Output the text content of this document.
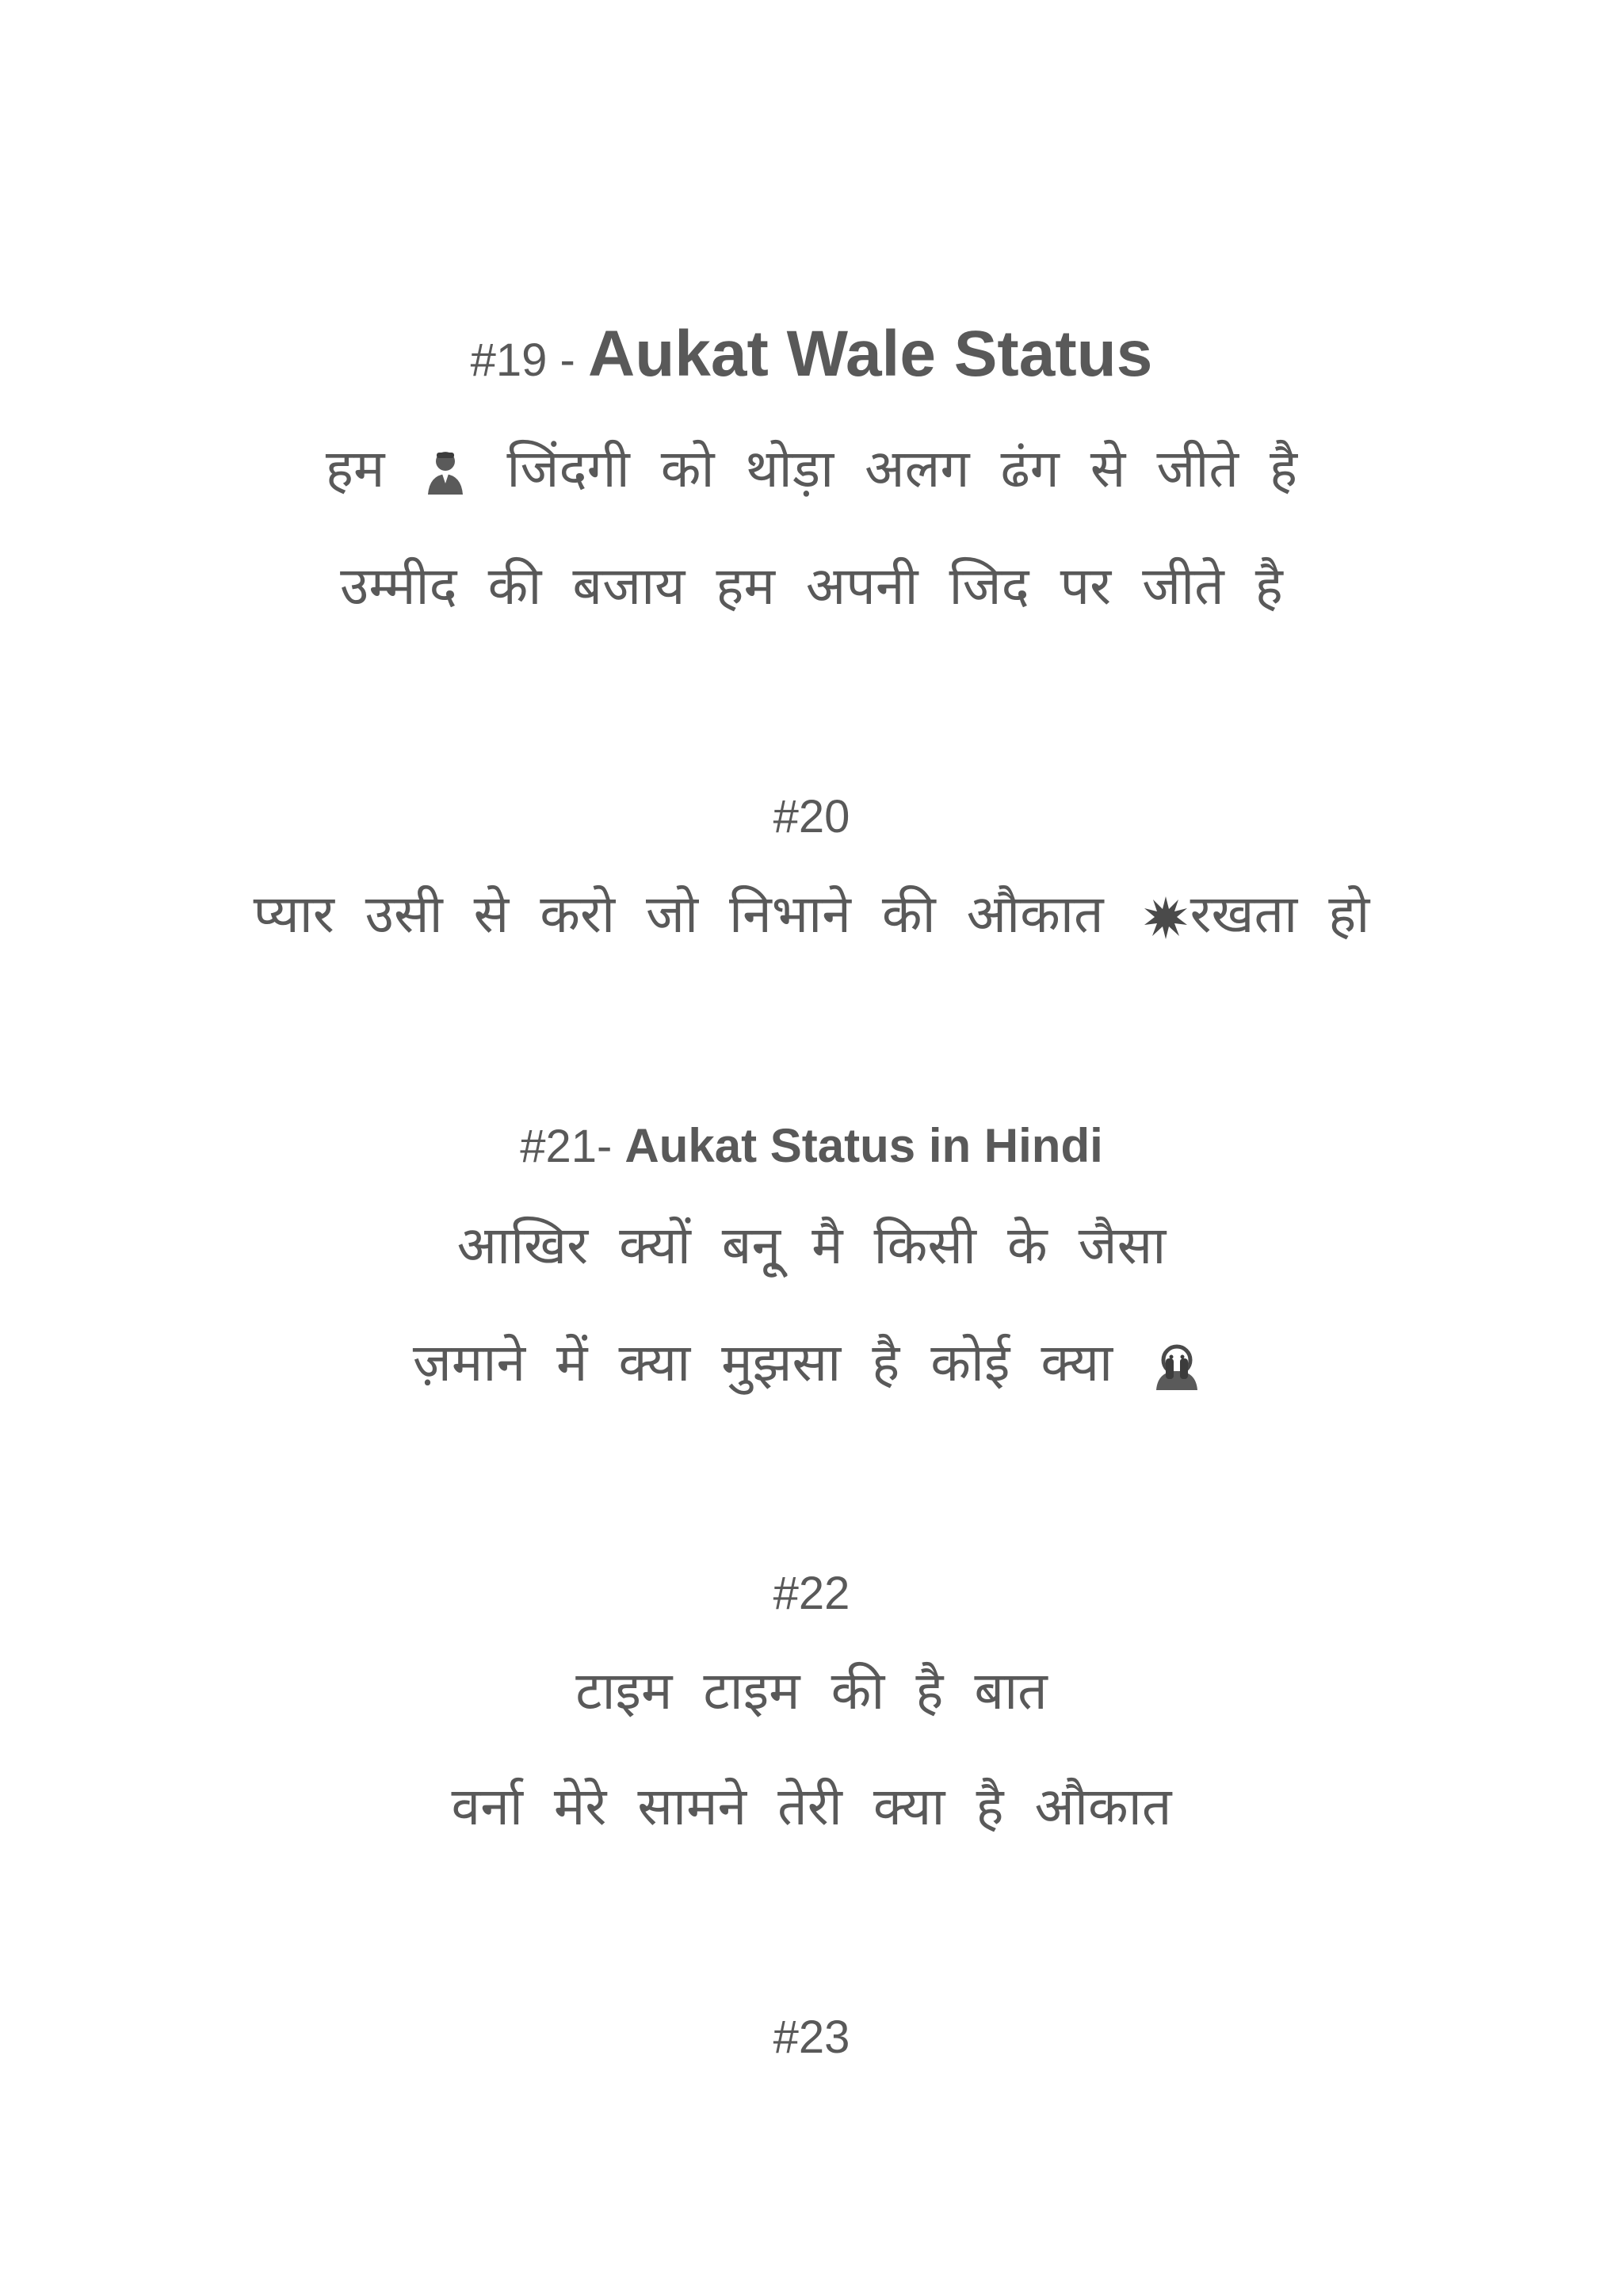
#19 - Aukat Wale Status
हम जिंदगी को थोड़ा अलग ढंग से जीते है
उम्मीद की बजाय हम अपनी जिद पर जीते है
#20
प्यार उसी से करो जो निभाने की औकात रखता हो
#21- Aukat Status in Hindi
आखिर क्यों बनू् मै किसी के जैसा
ज़माने में क्या मुझसा है कोई क्या
#22
टाइम टाइम की है बात
वर्ना मेरे सामने तेरी क्या है औकात
#23
